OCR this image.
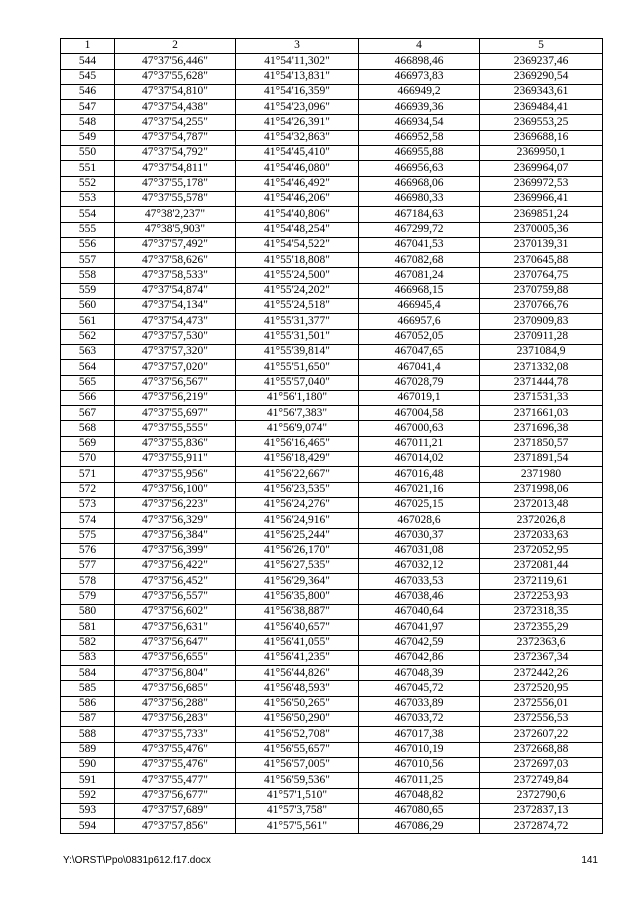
1	2	3	4	5
544	47°37'56,446"	41°54'11,302"	466898,46	2369237,46
545	47°37'55,628"	41°54'13,831"	466973,83	2369290,54
546	47°37'54,810"	41°54'16,359"	466949,2	2369343,61
547	47°37'54,438"	41°54'23,096"	466939,36	2369484,41
548	47°37'54,255"	41°54'26,391"	466934,54	2369553,25
549	47°37'54,787"	41°54'32,863"	466952,58	2369688,16
550	47°37'54,792"	41°54'45,410"	466955,88	2369950,1
551	47°37'54,811"	41°54'46,080"	466956,63	2369964,07
552	47°37'55,178"	41°54'46,492"	466968,06	2369972,53
553	47°37'55,578"	41°54'46,206"	466980,33	2369966,41
554	47°38'2,237"	41°54'40,806"	467184,63	2369851,24
555	47°38'5,903"	41°54'48,254"	467299,72	2370005,36
556	47°37'57,492"	41°54'54,522"	467041,53	2370139,31
557	47°37'58,626"	41°55'18,808"	467082,68	2370645,88
558	47°37'58,533"	41°55'24,500"	467081,24	2370764,75
559	47°37'54,874"	41°55'24,202"	466968,15	2370759,88
560	47°37'54,134"	41°55'24,518"	466945,4	2370766,76
561	47°37'54,473"	41°55'31,377"	466957,6	2370909,83
562	47°37'57,530"	41°55'31,501"	467052,05	2370911,28
563	47°37'57,320"	41°55'39,814"	467047,65	2371084,9
564	47°37'57,020"	41°55'51,650"	467041,4	2371332,08
565	47°37'56,567"	41°55'57,040"	467028,79	2371444,78
566	47°37'56,219"	41°56'1,180"	467019,1	2371531,33
567	47°37'55,697"	41°56'7,383"	467004,58	2371661,03
568	47°37'55,555"	41°56'9,074"	467000,63	2371696,38
569	47°37'55,836"	41°56'16,465"	467011,21	2371850,57
570	47°37'55,911"	41°56'18,429"	467014,02	2371891,54
571	47°37'55,956"	41°56'22,667"	467016,48	2371980
572	47°37'56,100"	41°56'23,535"	467021,16	2371998,06
573	47°37'56,223"	41°56'24,276"	467025,15	2372013,48
574	47°37'56,329"	41°56'24,916"	467028,6	2372026,8
575	47°37'56,384"	41°56'25,244"	467030,37	2372033,63
576	47°37'56,399"	41°56'26,170"	467031,08	2372052,95
577	47°37'56,422"	41°56'27,535"	467032,12	2372081,44
578	47°37'56,452"	41°56'29,364"	467033,53	2372119,61
579	47°37'56,557"	41°56'35,800"	467038,46	2372253,93
580	47°37'56,602"	41°56'38,887"	467040,64	2372318,35
581	47°37'56,631"	41°56'40,657"	467041,97	2372355,29
582	47°37'56,647"	41°56'41,055"	467042,59	2372363,6
583	47°37'56,655"	41°56'41,235"	467042,86	2372367,34
584	47°37'56,804"	41°56'44,826"	467048,39	2372442,26
585	47°37'56,685"	41°56'48,593"	467045,72	2372520,95
586	47°37'56,288"	41°56'50,265"	467033,89	2372556,01
587	47°37'56,283"	41°56'50,290"	467033,72	2372556,53
588	47°37'55,733"	41°56'52,708"	467017,38	2372607,22
589	47°37'55,476"	41°56'55,657"	467010,19	2372668,88
590	47°37'55,476"	41°56'57,005"	467010,56	2372697,03
591	47°37'55,477"	41°56'59,536"	467011,25	2372749,84
592	47°37'56,677"	41°57'1,510"	467048,82	2372790,6
593	47°37'57,689"	41°57'3,758"	467080,65	2372837,13
594	47°37'57,856"	41°57'5,561"	467086,29	2372874,72
Y:\ORST\Ppo\0831p612.f17.docx	141
